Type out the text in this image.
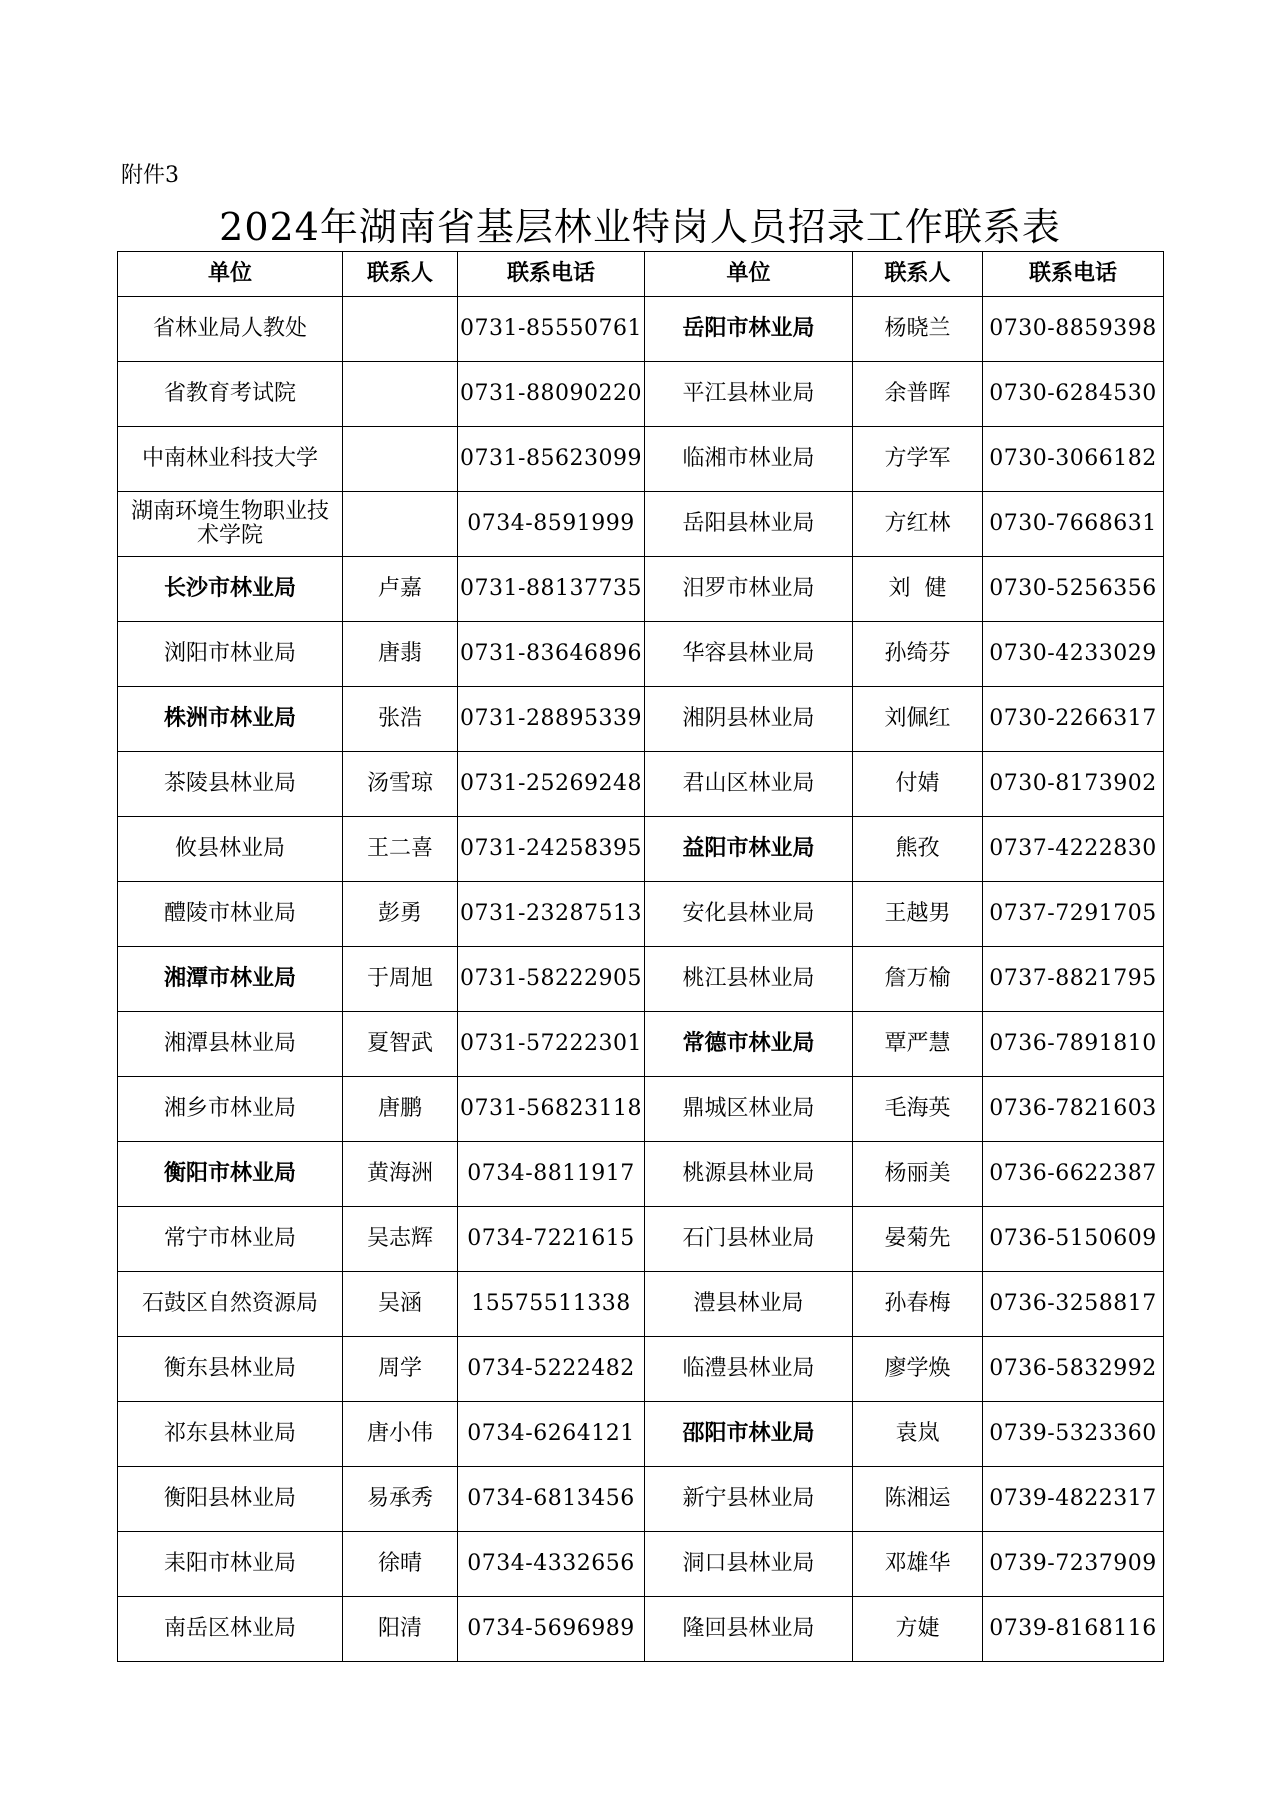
附件3
2024年湖南省基层林业特岗人员招录工作联系表
单位	联系人	联系电话	单位	联系人	联系电话
省林业局人教处		0731-85550761	岳阳市林业局	杨晓兰	0730-8859398
省教育考试院		0731-88090220	平江县林业局	余普晖	0730-6284530
中南林业科技大学		0731-85623099	临湘市林业局	方学军	0730-3066182
湖南环境生物职业技术学院		0734-8591999	岳阳县林业局	方红林	0730-7668631
长沙市林业局	卢嘉	0731-88137735	汨罗市林业局	刘  健	0730-5256356
浏阳市林业局	唐翡	0731-83646896	华容县林业局	孙绮芬	0730-4233029
株洲市林业局	张浩	0731-28895339	湘阴县林业局	刘佩红	0730-2266317
茶陵县林业局	汤雪琼	0731-25269248	君山区林业局	付婧	0730-8173902
攸县林业局	王二喜	0731-24258395	益阳市林业局	熊孜	0737-4222830
醴陵市林业局	彭勇	0731-23287513	安化县林业局	王越男	0737-7291705
湘潭市林业局	于周旭	0731-58222905	桃江县林业局	詹万榆	0737-8821795
湘潭县林业局	夏智武	0731-57222301	常德市林业局	覃严慧	0736-7891810
湘乡市林业局	唐鹏	0731-56823118	鼎城区林业局	毛海英	0736-7821603
衡阳市林业局	黄海洲	0734-8811917	桃源县林业局	杨丽美	0736-6622387
常宁市林业局	吴志辉	0734-7221615	石门县林业局	晏菊先	0736-5150609
石鼓区自然资源局	吴涵	15575511338	澧县林业局	孙春梅	0736-3258817
衡东县林业局	周学	0734-5222482	临澧县林业局	廖学焕	0736-5832992
祁东县林业局	唐小伟	0734-6264121	邵阳市林业局	袁岚	0739-5323360
衡阳县林业局	易承秀	0734-6813456	新宁县林业局	陈湘运	0739-4822317
耒阳市林业局	徐晴	0734-4332656	洞口县林业局	邓雄华	0739-7237909
南岳区林业局	阳清	0734-5696989	隆回县林业局	方婕	0739-8168116
